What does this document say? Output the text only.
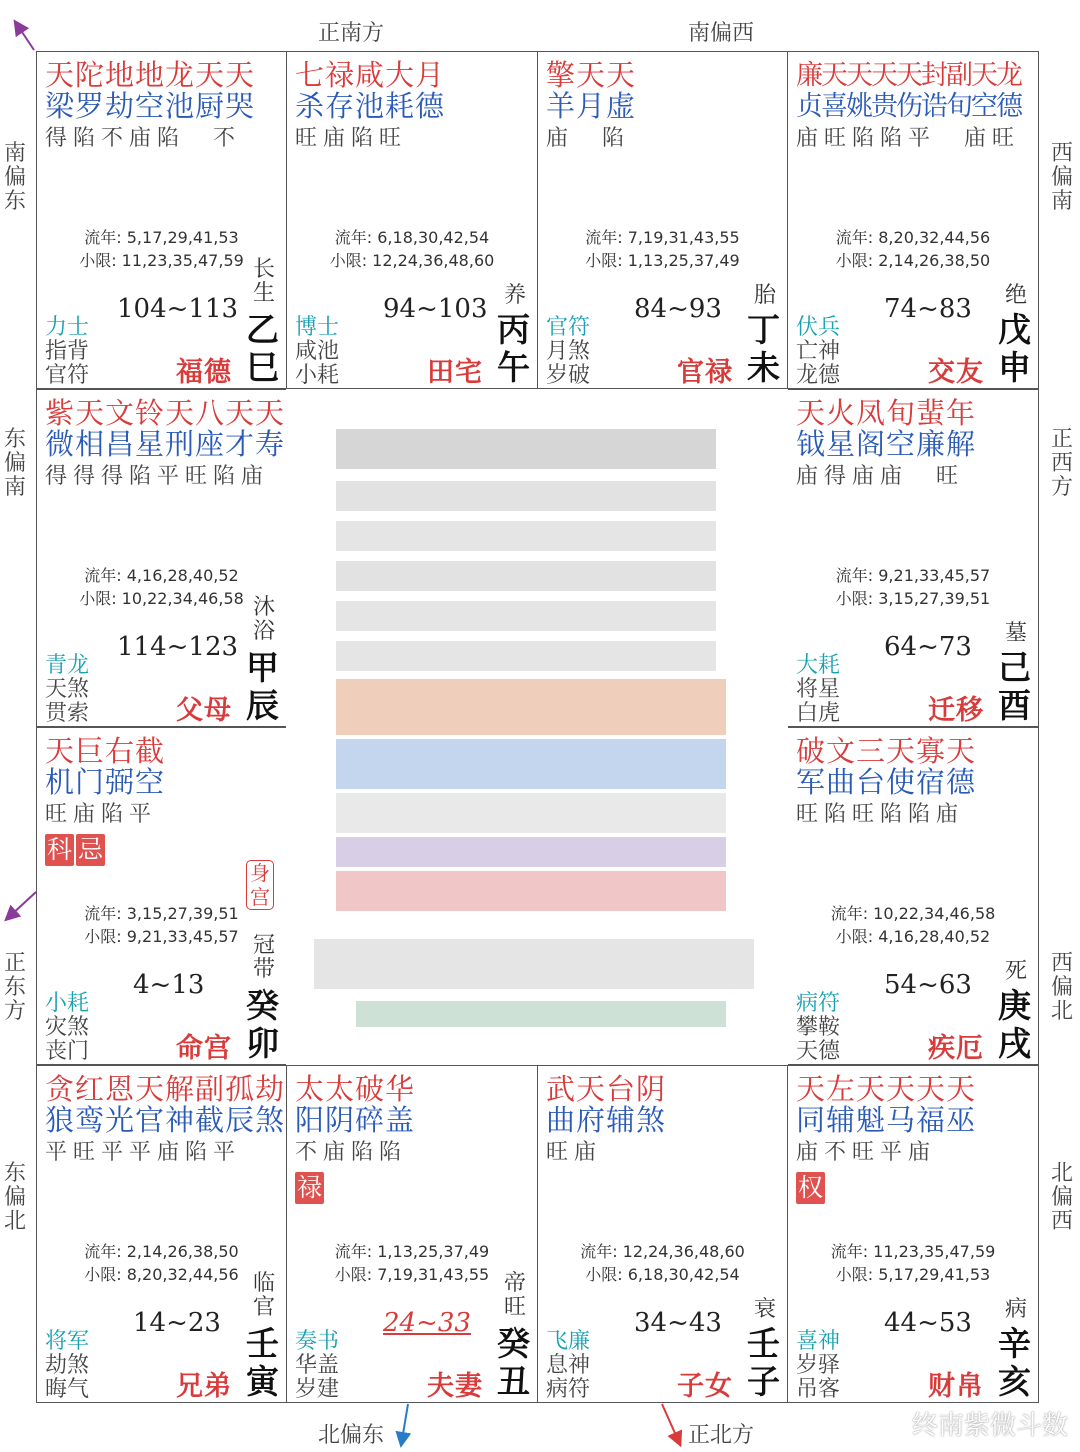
正南方	南偏西
北偏东	正北方
南偏东
东偏南
正东方
东偏北
西偏南
正西方
西偏北
北偏西
天陀地地龙天天
梁罗劫空池厨哭
得陷不庙陷　不
流年: 5,17,29,41,53
小限: 11,23,35,47,59
104~113
力士
指背
官符	福德
长生
乙
巳
七禄咸大月
杀存池耗德
旺庙陷旺
流年: 6,18,30,42,54
小限: 12,24,36,48,60
94~103
博士
咸池
小耗	田宅
养
丙
午
擎天天
羊月虚
庙　陷
流年: 7,19,31,43,55
小限: 1,13,25,37,49
84~93
官符
月煞
岁破	官禄
胎
丁
未
廉天天天天封副天龙
贞喜姚贵伤诰旬空德
庙旺陷陷平　庙旺
流年: 8,20,32,44,56
小限: 2,14,26,38,50
74~83
伏兵
亡神
龙德	交友
绝
戊
申
紫天文铃天八天天
微相昌星刑座才寿
得得得陷平旺陷庙
流年: 4,16,28,40,52
小限: 10,22,34,46,58
114~123
青龙
天煞
贯索	父母
沐浴
甲
辰
天火凤旬蜚年
钺星阁空廉解
庙得庙庙　旺
流年: 9,21,33,45,57
小限: 3,15,27,39,51
64~73
大耗
将星
白虎	迁移
墓
己
酉
天巨右截
机门弼空
旺庙陷平
科 忌
流年: 3,15,27,39,51
小限: 9,21,33,45,57
4~13
小耗
灾煞
丧门	命宫
冠带
癸
卯
身宫
破文三天寡天
军曲台使宿德
旺陷旺陷陷庙
流年: 10,22,34,46,58
小限: 4,16,28,40,52
54~63
病符
攀鞍
天德	疾厄
死
庚
戌
贪红恩天解副孤劫
狼鸾光官神截辰煞
平旺平平庙陷平
流年: 2,14,26,38,50
小限: 8,20,32,44,56
14~23
将军
劫煞
晦气	兄弟
临官
壬
寅
太太破华
阳阴碎盖
不庙陷陷
禄
流年: 1,13,25,37,49
小限: 7,19,31,43,55
24~33
奏书
华盖
岁建	夫妻
帝旺
癸
丑
武天台阴
曲府辅煞
旺庙
流年: 12,24,36,48,60
小限: 6,18,30,42,54
34~43
飞廉
息神
病符	子女
衰
壬
子
天左天天天天
同辅魁马福巫
庙不旺平庙
权
流年: 11,23,35,47,59
小限: 5,17,29,41,53
44~53
喜神
岁驿
吊客	财帛
病
辛
亥
终南紫微斗数
